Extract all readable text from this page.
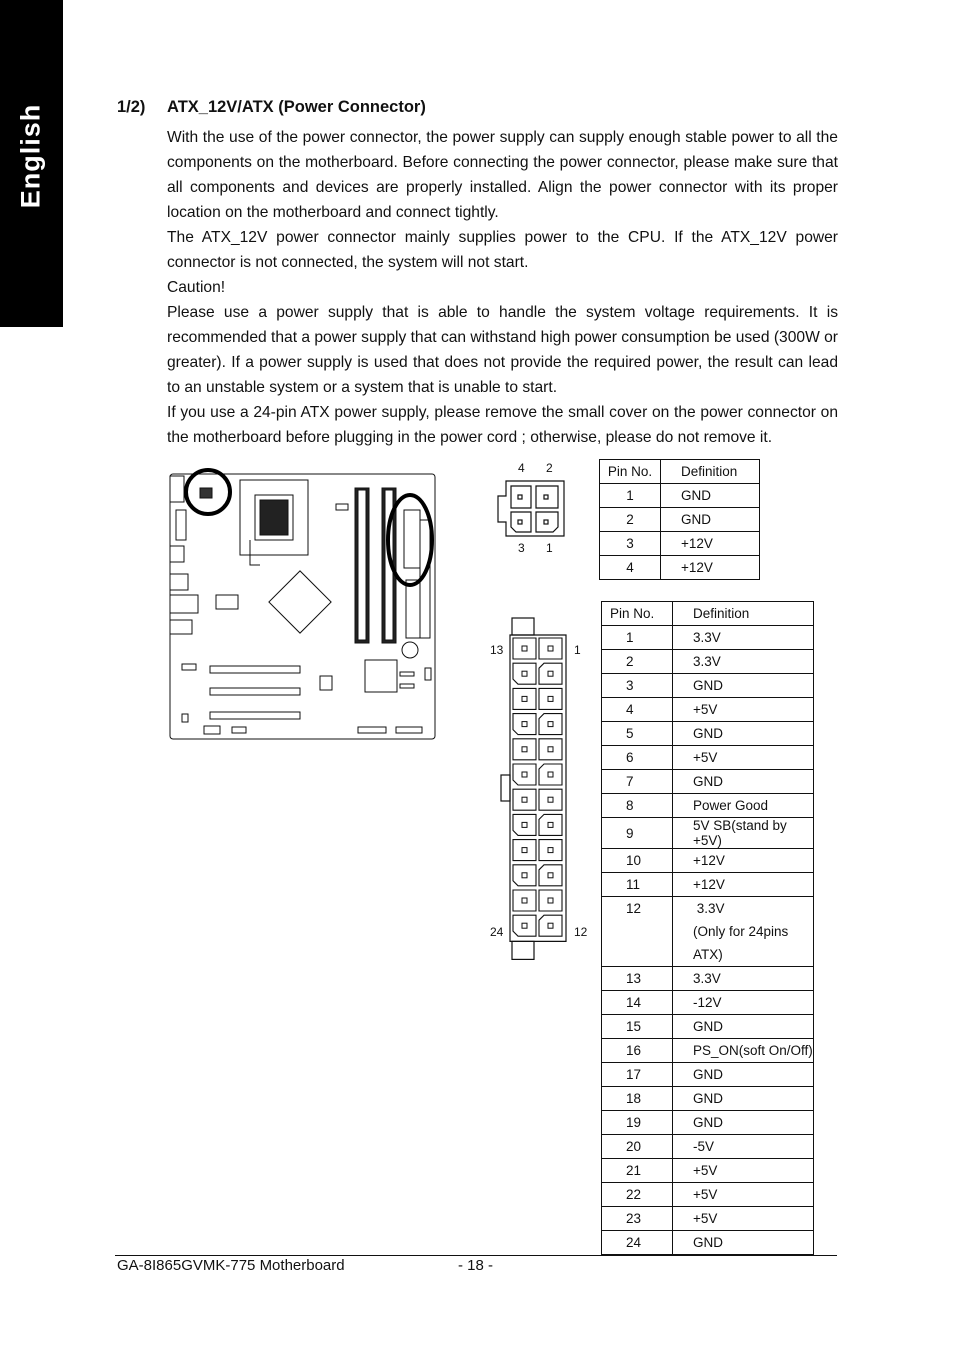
English	1/2) ATX_12V/ATX (Power Connector)

With the use of the power connector, the power supply can supply enough stable power to all the components on the motherboard. Before connecting the power connector, please make sure that all components and devices are properly installed. Align the power connector with its proper location on the motherboard and connect tightly.

The ATX_12V power connector mainly supplies power to the CPU. If the ATX_12V power connector is not connected, the system will not start.

Caution!

Please use a power supply that is able to handle the system voltage requirements. It is recommended that a power supply that can withstand high power consumption be used (300W or greater). If a power supply is used that does not provide the required power, the result can lead to an unstable system or a system that is unable to start.

If you use a 24-pin ATX power supply, please remove the small cover on the power connector on the motherboard before plugging in the power cord ; otherwise, please do not remove it.

4 2
3 1
Pin No.	Definition
1	GND
2	GND
3	+12V
4	+12V
13	1
24	12
Pin No.	Definition
1	3.3V
2	3.3V
3	GND
4	+5V
5	GND
6	+5V
7	GND
8	Power Good
9	5V SB(stand by +5V)
10	+12V
11	+12V
12	3.3V
(Only for 24pins ATX)

13	3.3V
14	-12V
15	GND
16	PS_ON(soft On/Off)
17	GND
18	GND
19	GND
20	-5V
21	+5V
22	+5V
23	+5V
24	GND
GA-8I865GVMK-775 Motherboard	- 18 -
